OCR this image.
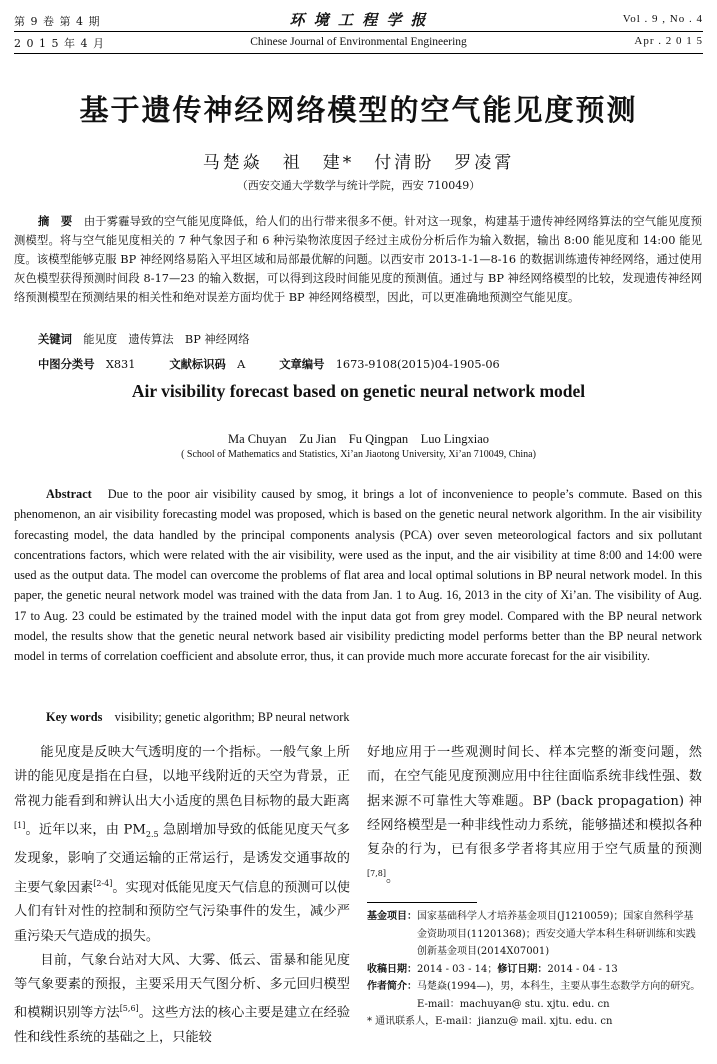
第 9 卷 第 4 期
2 0 1 5 年 4 月
环 境 工 程 学 报
Chinese Journal of Environmental Engineering
Vol . 9 , No . 4
Apr . 2 0 1 5
基于遗传神经网络模型的空气能见度预测
马楚焱　祖　建*　付清盼　罗凌霄
（西安交通大学数学与统计学院，西安 710049）
摘　要　 由于雾霾导致的空气能见度降低，给人们的出行带来很多不便。针对这一现象，构建基于遗传神经网络算法的空气能见度预测模型。将与空气能见度相关的 7 种气象因子和 6 种污染物浓度因子经过主成份分析后作为输入数据，输出 8:00 能见度和 14:00 能见度。该模型能够克服 BP 神经网络易陷入平坦区域和局部最优解的问题。以西安市 2013-1-1—8-16 的数据训练遗传神经网络，通过使用灰色模型获得预测时间段 8-17—23 的输入数据，可以得到这段时间能见度的预测值。通过与 BP 神经网络模型的比较，发现遗传神经网络预测模型在预测结果的相关性和绝对误差方面均优于 BP 神经网络模型，因此，可以更准确地预测空气能见度。
关键词　 能见度　遗传算法　BP 神经网络
中图分类号　 X831　　　	文献标识码　 A　　　	文章编号　 1673-9108(2015)04-1905-06
Air visibility forecast based on genetic neural network model
Ma Chuyan　Zu Jian　Fu Qingpan　Luo Lingxiao
( School of Mathematics and Statistics, Xi’an Jiaotong University, Xi’an 710049, China)
Abstract　 Due to the poor air visibility caused by smog, it brings a lot of inconvenience to people’s commute. Based on this phenomenon, an air visibility forecasting model was proposed, which is based on the genetic neural network algorithm. In the air visibility forecasting model, the data handled by the principal components analysis (PCA) over seven meteorological factors and six pollutant concentrations factors, which were related with the air visibility, were used as the input, and the air visibility at time 8:00 and 14:00 were used as the output data. The model can overcome the problems of flat area and local optimal solutions in BP neural network model. In this paper, the genetic neural network model was trained with the data from Jan. 1 to Aug. 16, 2013 in the city of Xi’an. The visibility of Aug. 17 to Aug. 23 could be estimated by the trained model with the input data got from grey model. Compared with the BP neural network model, the results show that the genetic neural network based air visibility predicting model performs better than the BP neural network model in terms of correlation coefficient and absolute error, thus, it can provide much more accurate forecast for the air visibility.
Key words　 visibility; genetic algorithm; BP neural network

能见度是反映大气透明度的一个指标。一般气象上所讲的能见度是指在白昼，以地平线附近的天空为背景，正常视力能看到和辨认出大小适度的黑色目标物的最大距离[1]。近年以来，由 $PM_{2.5}$ 急剧增加导致的低能见度天气多发现象，影响了交通运输的正常运行，是诱发交通事故的主要气象因素[2-4]。实现对低能见度天气信息的预测可以使人们有针对性的控制和预防空气污染事件的发生，减少严重污染天气造成的损失。

目前，气象台站对大风、大雾、低云、雷暴和能见度等气象要素的预报，主要采用天气图分析、多元回归模型和模糊识别等方法[5,6]。这些方法的核心主要是建立在经验性和线性系统的基础之上，只能较

好地应用于一些观测时间长、样本完整的渐变问题，然而，在空气能见度预测应用中往往面临系统非线性强、数据来源不可靠性大等难题。BP (back propagation) 神经网络模型是一种非线性动力系统，能够描述和模拟各种复杂的行为，已有很多学者将其应用于空气质量的预测[7,8]。

基金项目： 国家基础科学人才培养基金项目(J1210059)；国家自然科学基金资助项目(11201368)；西安交通大学本科生科研训练和实践创新基金项目(2014X07001)
收稿日期：2014 - 03 - 14；修订日期：2014 - 04 - 13
作者简介： 马楚焱(1994—)，男，本科生，主要从事生态数学方向的研究。E-mail：machuyan@ stu. xjtu. edu. cn
* 通讯联系人，E-mail：jianzu@ mail. xjtu. edu. cn
